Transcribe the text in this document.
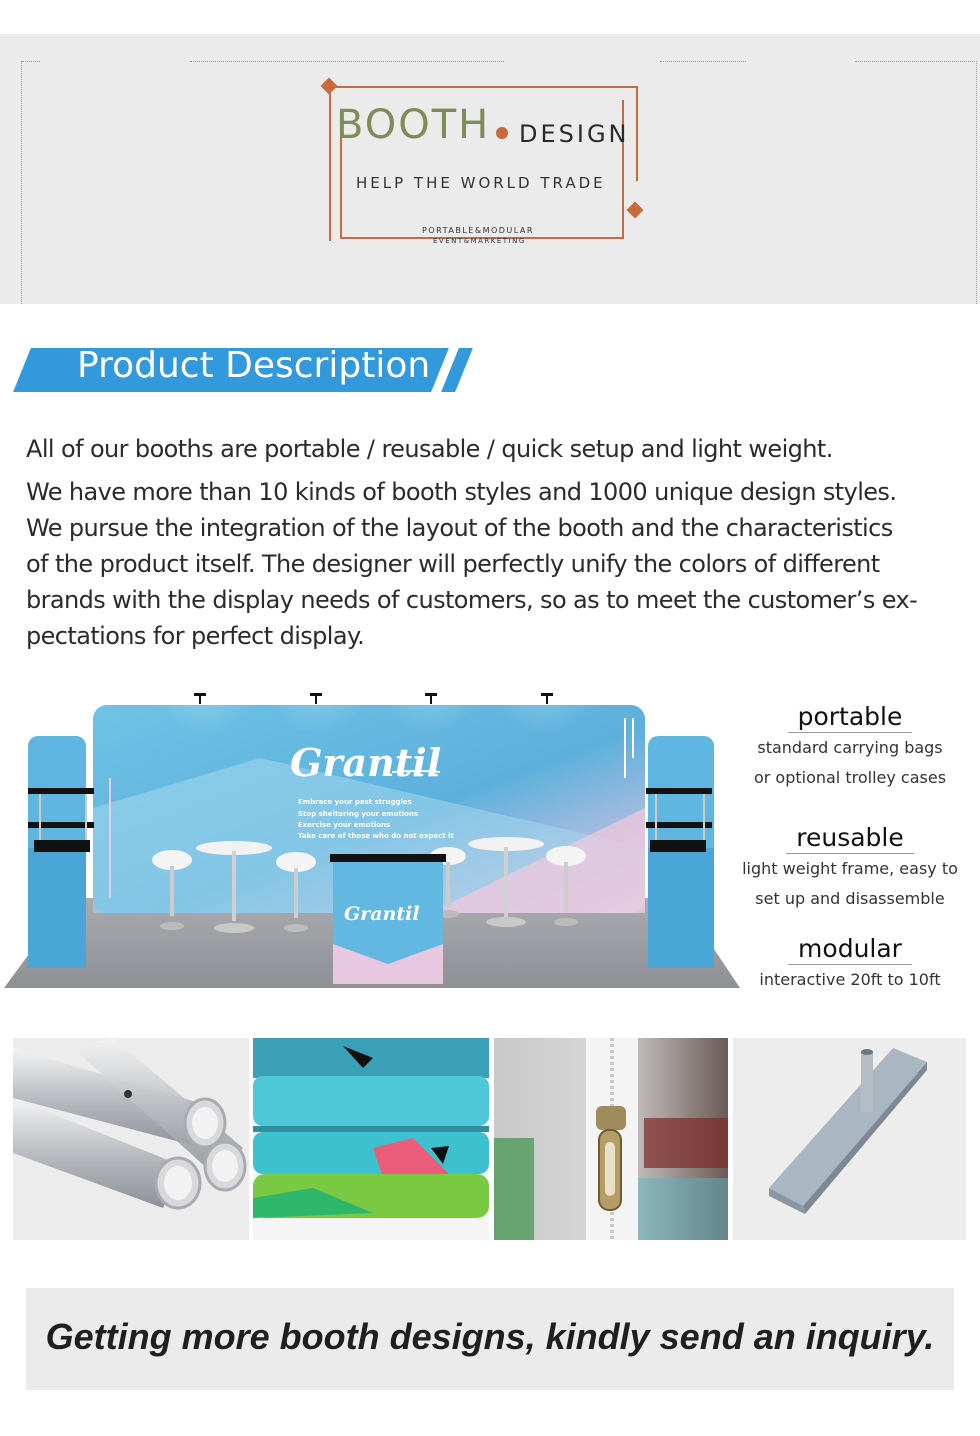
BOOTH DESIGN
HELP THE WORLD TRADE
PORTABLE&MODULAR
EVENT&MARKETING
Product Description
All of our booths are portable / reusable / quick setup and light weight.
We have more than 10 kinds of booth styles and 1000 unique design styles.
We pursue the integration of the layout of the booth and the characteristics
of the product itself. The designer will perfectly unify the colors of different
brands with the display needs of customers, so as to meet the customer’s ex-
pectations for perfect display.
Grantil
Embrace your past struggles
Stop sheltering your emotions
Exercise your emotions
Take care of those who do not expect it
Grantil
portable
standard carrying bags
or optional trolley cases
reusable
light weight frame, easy to
set up and disassemble
modular
interactive 20ft to 10ft
Getting more booth designs, kindly send an inquiry.
